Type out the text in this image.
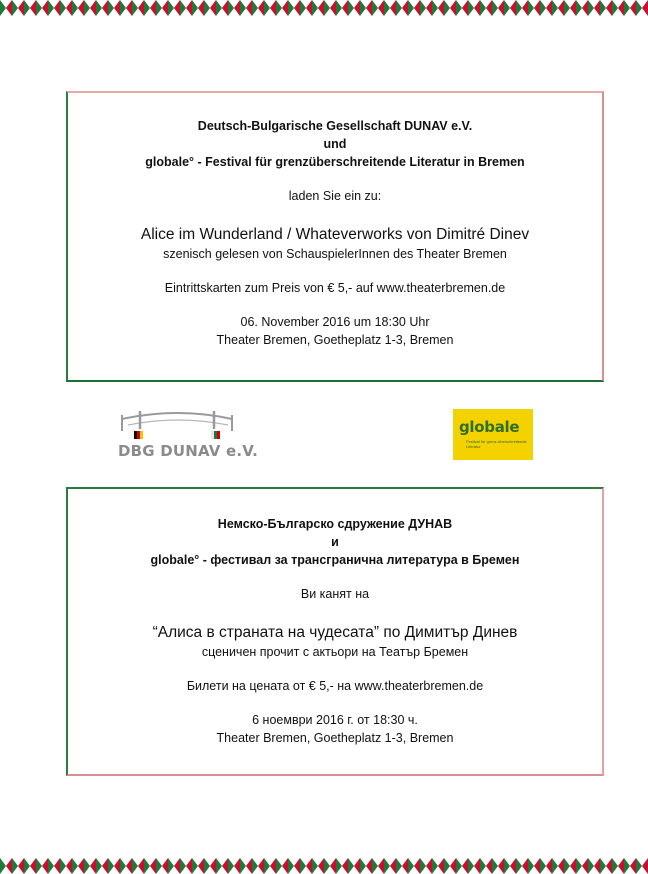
Deutsch-Bulgarische Gesellschaft DUNAV e.V.
und
globale° - Festival für grenzüberschreitende Literatur in Bremen
laden Sie ein zu:
Alice im Wunderland / Whateverworks von Dimitré Dinev
szenisch gelesen von SchauspielerInnen des Theater Bremen
Eintrittskarten zum Preis von € 5,- auf www.theaterbremen.de
06. November 2016 um 18:30 Uhr
Theater Bremen, Goetheplatz 1-3, Bremen
DBG DUNAV e.V.
globale
Festival für grenz-überschreitende Literatur
Немско-Българско сдружение ДУНАВ
и
globale° - фестивал за трансгранична литература в Бремен
Ви канят на
“Алиса в страната на чудесата” по Димитър Динев
сценичен прочит с актьори на Театър Бремен
Билети на цената от € 5,- на www.theaterbremen.de
6 ноември 2016 г. от 18:30 ч.
Theater Bremen, Goetheplatz 1-3, Bremen
